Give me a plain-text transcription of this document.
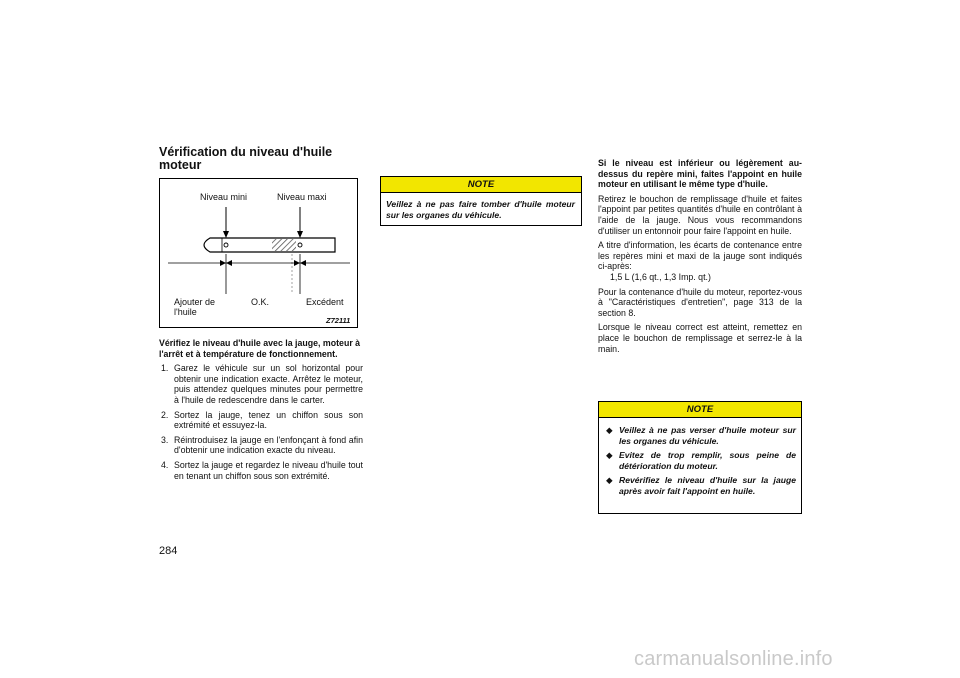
Vérification du niveau d'huile moteur
Niveau mini	Niveau maxi
Ajouter de l'huile
O.K.	Excédent
Z72111

Vérifiez le niveau d'huile avec la jauge, moteur à l'arrêt et à température de fonctionnement.

1. Garez le véhicule sur un sol horizontal pour obtenir une indication exacte. Arrêtez le moteur, puis attendez quelques minutes pour permettre à l'huile de redescendre dans le carter.
2. Sortez la jauge, tenez un chiffon sous son extrémité et essuyez-la.
3. Réintroduisez la jauge en l'enfonçant à fond afin d'obtenir une indication exacte du niveau.
4. Sortez la jauge et regardez le niveau d'huile tout en tenant un chiffon sous son extrémité.
NOTE
Veillez à ne pas faire tomber d'huile moteur sur les organes du véhicule.

Si le niveau est inférieur ou légèrement au-dessus du repère mini, faites l'appoint en huile moteur en utilisant le même type d'huile.

Retirez le bouchon de remplissage d'huile et faites l'appoint par petites quantités d'huile en contrôlant à l'aide de la jauge. Nous vous recommandons d'utiliser un entonnoir pour faire l'appoint en huile.

A titre d'information, les écarts de contenance entre les repères mini et maxi de la jauge sont indiqués ci-après:

1,5 L (1,6 qt., 1,3 Imp. qt.)

Pour la contenance d'huile du moteur, reportez-vous à "Caractéristiques d'entretien", page 313 de la section 8.

Lorsque le niveau correct est atteint, remettez en place le bouchon de remplissage et serrez-le à la main.

NOTE
◆ Veillez à ne pas verser d'huile moteur sur les organes du véhicule.
◆ Evitez de trop remplir, sous peine de détérioration du moteur.
◆ Revérifiez le niveau d'huile sur la jauge après avoir fait l'appoint en huile.
284
carmanualsonline.info
